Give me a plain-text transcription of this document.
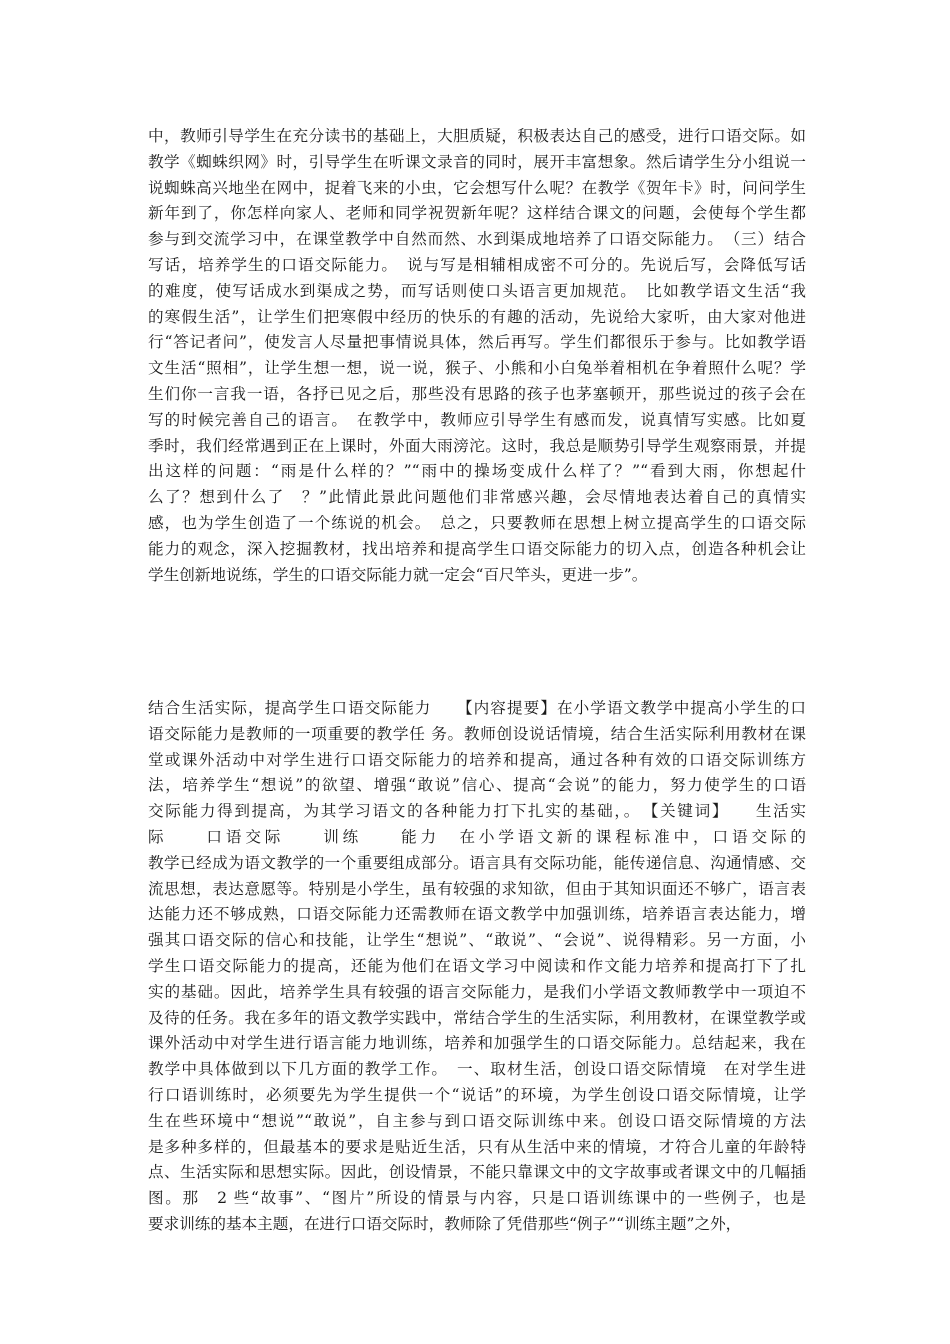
中，教师引导学生在充分读书的基础上，大胆质疑，积极表达自己的感受，进行口语交际。如
教学《蜘蛛织网》时，引导学生在听课文录音的同时，展开丰富想象。然后请学生分小组说一
说蜘蛛高兴地坐在网中，捉着飞来的小虫，它会想写什么呢？在教学《贺年卡》时，问问学生
新年到了，你怎样向家人、老师和同学祝贺新年呢？这样结合课文的问题，会使每个学生都
参与到交流学习中，在课堂教学中自然而然、水到渠成地培养了口语交际能力。　（三）结合
写话，培养学生的口语交际能力。　说与写是相辅相成密不可分的。先说后写，会降低写话
的难度，使写话成水到渠成之势，而写话则使口头语言更加规范。　比如教学语文生活“我
的寒假生活”，让学生们把寒假中经历的快乐的有趣的活动，先说给大家听，由大家对他进
行“答记者问”，使发言人尽量把事情说具体，然后再写。学生们都很乐于参与。比如教学语
文生活“照相”，让学生想一想，说一说，猴子、小熊和小白兔举着相机在争着照什么呢？学
生们你一言我一语，各抒已见之后，那些没有思路的孩子也茅塞顿开，那些说过的孩子会在
写的时候完善自己的语言。　在教学中，教师应引导学生有感而发，说真情写实感。比如夏
季时，我们经常遇到正在上课时，外面大雨滂沱。这时，我总是顺势引导学生观察雨景，并提
出这样的问题：“雨是什么样的？”“雨中的操场变成什么样了？”“看到大雨，你想起什
么了？想到什么了　？”此情此景此问题他们非常感兴趣，会尽情地表达着自己的真情实
感，也为学生创造了一个练说的机会。　总之，只要教师在思想上树立提高学生的口语交际
能力的观念，深入挖掘教材，找出培养和提高学生口语交际能力的切入点，创造各种机会让
学生创新地说练，学生的口语交际能力就一定会“百尺竿头，更进一步”。
结合生活实际，提高学生口语交际能力　　【内容提要】在小学语文教学中提高小学生的口
语交际能力是教师的一项重要的教学任 务。教师创设说话情境，结合生活实际利用教材在课
堂或课外活动中对学生进行口语交际能力的培养和提高，通过各种有效的口语交际训练方
法，培养学生“想说”的欲望、增强“敢说”信心、提高“会说”的能力，努力使学生的口语
交际能力得到提高，为其学习语文的各种能力打下扎实的基础，。　【关键词】　　生活实
际　　口语交际　　训练　　能力　在小学语文新的课程标准中，口语交际的
教学已经成为语文教学的一个重要组成部分。语言具有交际功能，能传递信息、沟通情感、交
流思想，表达意愿等。特别是小学生，虽有较强的求知欲，但由于其知识面还不够广，语言表
达能力还不够成熟，口语交际能力还需教师在语文教学中加强训练，培养语言表达能力，增
强其口语交际的信心和技能，让学生“想说”、“敢说”、“会说”、说得精彩。另一方面，小
学生口语交际能力的提高，还能为他们在语文学习中阅读和作文能力培养和提高打下了扎
实的基础。因此，培养学生具有较强的语言交际能力，是我们小学语文教师教学中一项迫不
及待的任务。我在多年的语文教学实践中，常结合学生的生活实际，利用教材，在课堂教学或
课外活动中对学生进行语言能力地训练，培养和加强学生的口语交际能力。总结起来，我在
教学中具体做到以下几方面的教学工作。　一、取材生活，创设口语交际情境　在对学生进
行口语训练时，必须要先为学生提供一个“说话”的环境，为学生创设口语交际情境，让学
生在些环境中“想说”“敢说”，自主参与到口语交际训练中来。创设口语交际情境的方法
是多种多样的，但最基本的要求是贴近生活，只有从生活中来的情境，才符合儿童的年龄特
点、生活实际和思想实际。因此，创设情景，不能只靠课文中的文字故事或者课文中的几幅插
图。那　2 些“故事”、“图片”所设的情景与内容，只是口语训练课中的一些例子，也是
要求训练的基本主题，在进行口语交际时，教师除了凭借那些“例子”“训练主题”之外，
